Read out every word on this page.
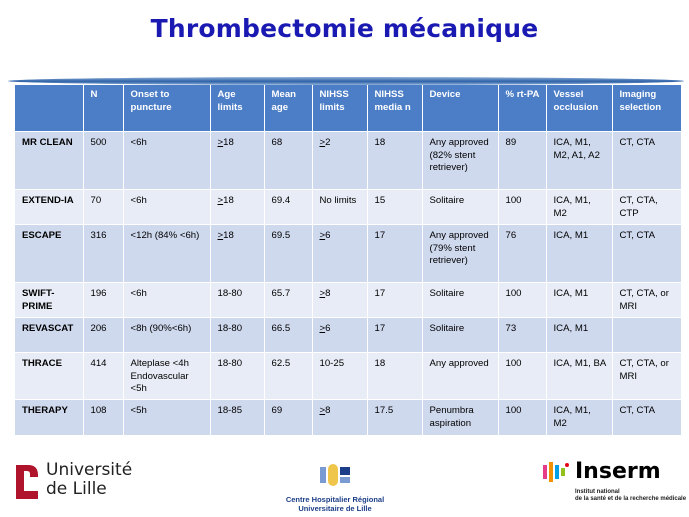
Thrombectomie mécanique
	N	Onset to puncture	Age limits	Mean age	NIHSS limits	NIHSS media n	Device	% rt-PA	Vessel occlusion	Imaging selection
MR CLEAN	500	<6h	≥18	68	≥2	18	Any approved (82% stent retriever)	89	ICA, M1, M2, A1, A2	CT, CTA
EXTEND-IA	70	<6h	≥18	69.4	No limits	15	Solitaire	100	ICA, M1, M2	CT, CTA, CTP
ESCAPE	316	<12h (84% <6h)	≥18	69.5	≥6	17	Any approved (79% stent retriever)	76	ICA, M1	CT, CTA
SWIFT-PRIME	196	<6h	18-80	65.7	≥8	17	Solitaire	100	ICA, M1	CT, CTA, or MRI
REVASCAT	206	<8h (90%<6h)	18-80	66.5	≥6	17	Solitaire	73	ICA, M1	
THRACE	414	Alteplase <4h Endovascular <5h	18-80	62.5	10-25	18	Any approved	100	ICA, M1, BA	CT, CTA, or MRI
THERAPY	108	<5h	18-85	69	≥8	17.5	Penumbra aspiration	100	ICA, M1, M2	CT, CTA
Université
de Lille
Centre Hospitalier Régional
Universitaire de Lille
Inserm
Institut national
de la santé et de la recherche médicale
